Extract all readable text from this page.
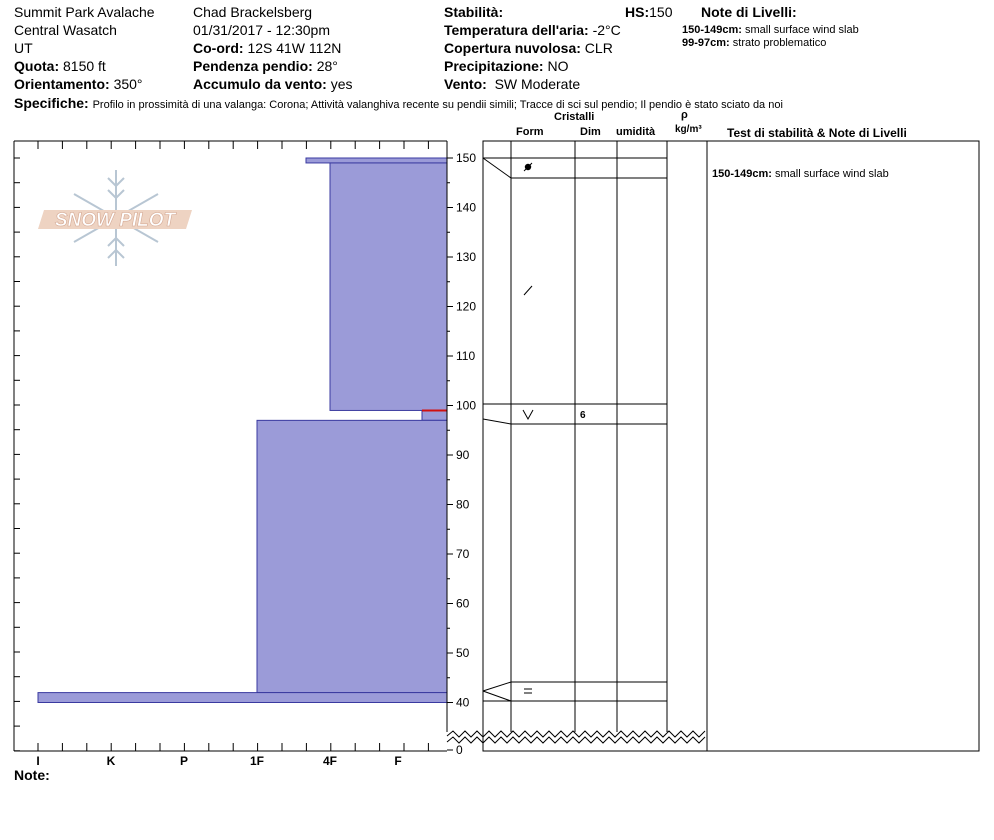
Summit Park Avalache
Central Wasatch
UT
Quota: 8150 ft
Orientamento: 350°
Chad Brackelsberg
01/31/2017 - 12:30pm
Co-ord: 12S 41W 112N
Pendenza pendio: 28°
Accumulo da vento: yes
Stabilità:	HS:150
Temperatura dell'aria: -2°C
Copertura nuvolosa: CLR
Precipitazione: NO
Vento: SW Moderate
Note di Livelli:
150-149cm: small surface wind slab
99-97cm: strato problematico
Specifiche: Profilo in prossimità di una valanga: Corona; Attività valanghiva recente su pendii simili; Tracce di sci sul pendio; Il pendio è stato sciato da noi
Cristalli
Form	Dim umidità
ρ
kg/m³ Test di stabilità & Note di Livelli
I	K	P	1F	4F	F
150
140
130
120
110
100
90
80
70
60
50
40
0
6
150-149cm: small surface wind slab
SNOW PILOT
Note:
